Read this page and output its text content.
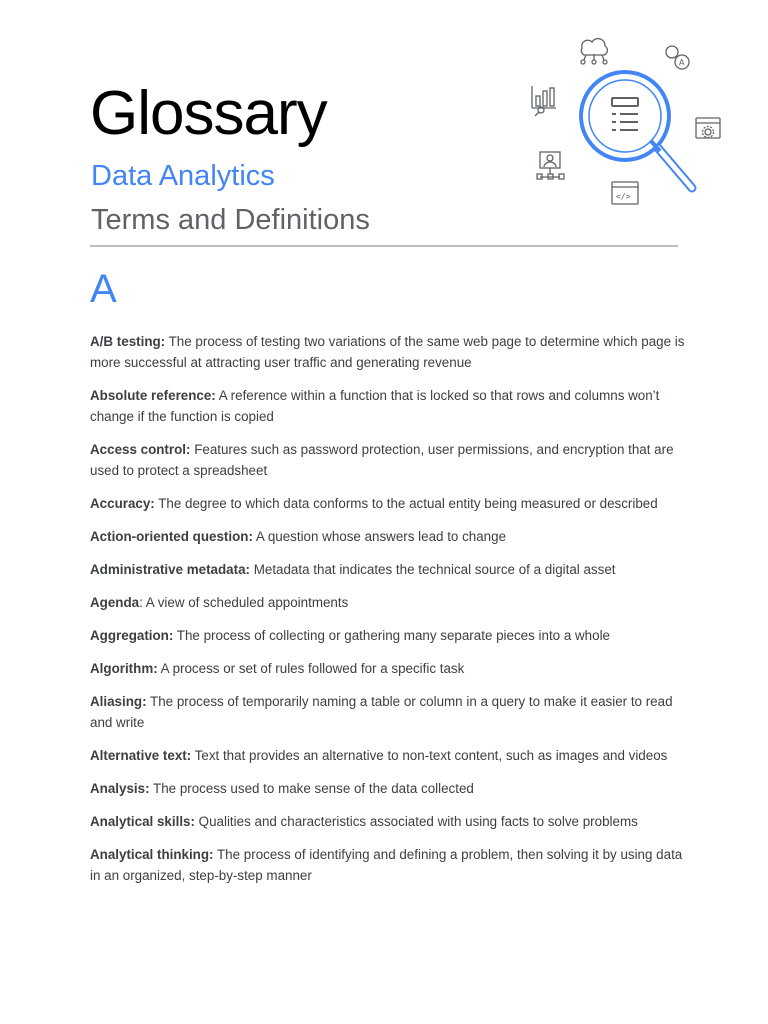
Glossary
Data Analytics
Terms and Definitions
A
</>
A
A/B testing: The process of testing two variations of the same web page to determine which page is more successful at attracting user traffic and generating revenue
Absolute reference: A reference within a function that is locked so that rows and columns won’t change if the function is copied
Access control: Features such as password protection, user permissions, and encryption that are used to protect a spreadsheet
Accuracy: The degree to which data conforms to the actual entity being measured or described
Action-oriented question: A question whose answers lead to change
Administrative metadata: Metadata that indicates the technical source of a digital asset
Agenda: A view of scheduled appointments
Aggregation: The process of collecting or gathering many separate pieces into a whole
Algorithm: A process or set of rules followed for a specific task
Aliasing: The process of temporarily naming a table or column in a query to make it easier to read and write
Alternative text: Text that provides an alternative to non-text content, such as images and videos
Analysis: The process used to make sense of the data collected
Analytical skills: Qualities and characteristics associated with using facts to solve problems
Analytical thinking: The process of identifying and defining a problem, then solving it by using data in an organized, step-by-step manner
